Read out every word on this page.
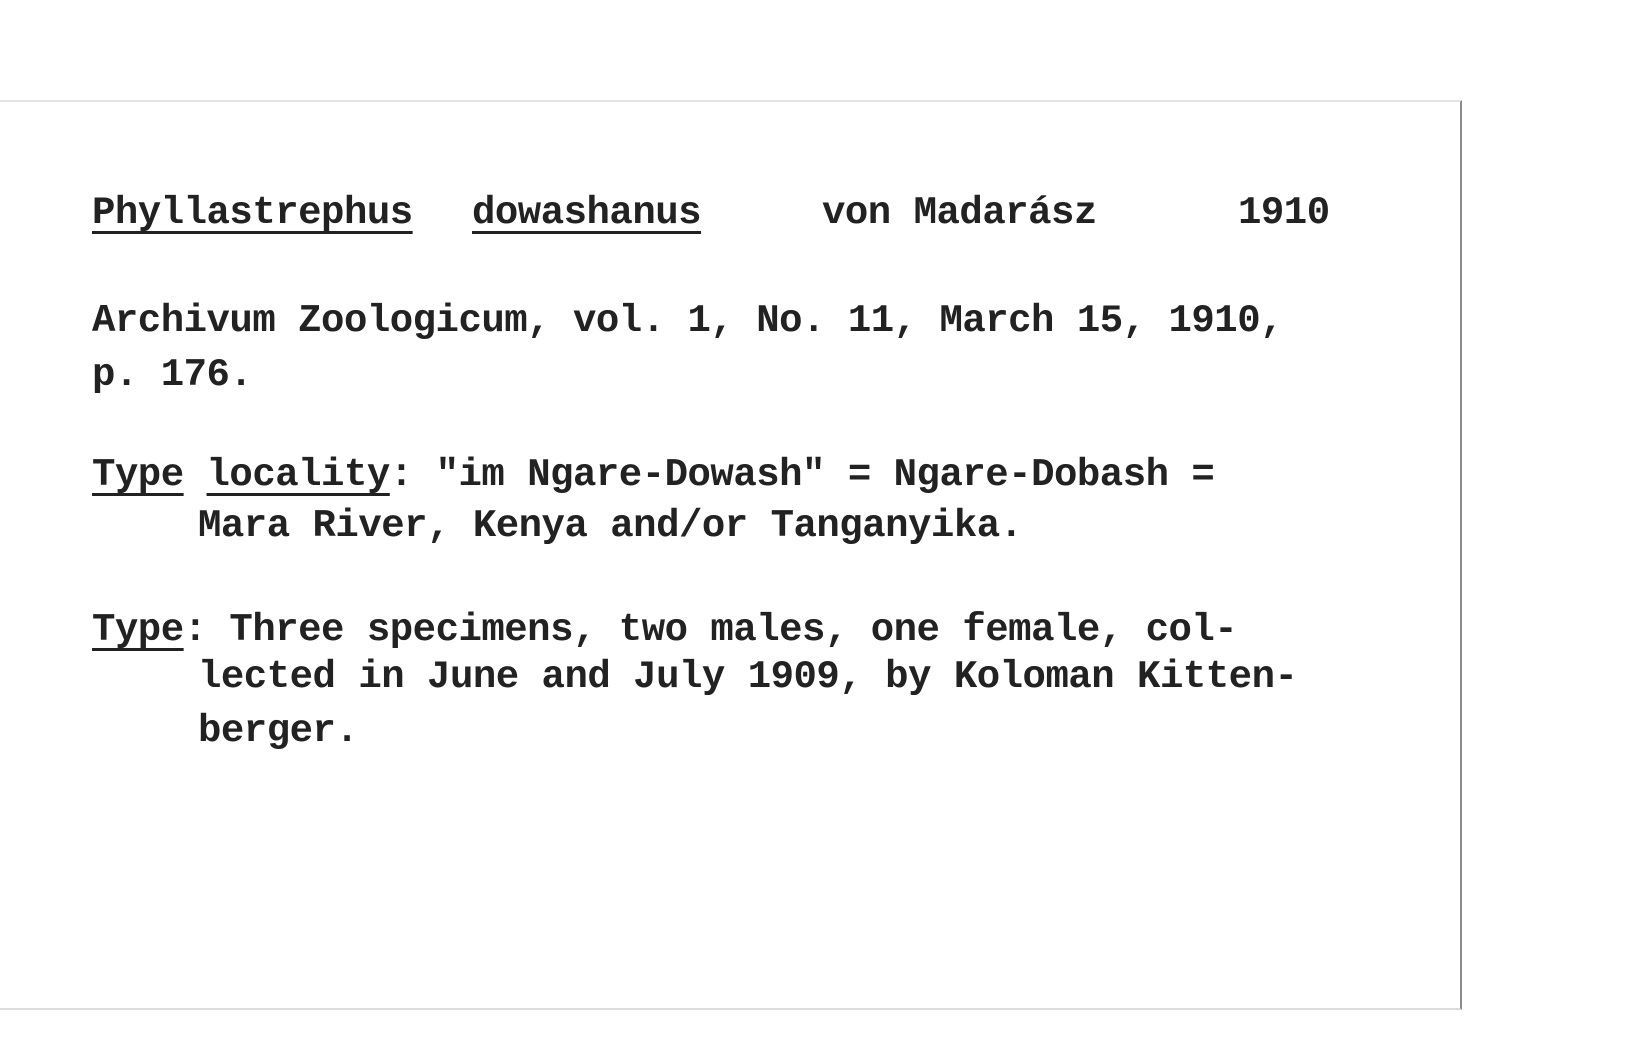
Phyllastrephus dowashanus	von Madarász	1910
Archivum Zoologicum, vol. 1, No. 11, March 15, 1910,
p. 176.
Type locality: "im Ngare-Dowash" = Ngare-Dobash =
Mara River, Kenya and/or Tanganyika.
Type: Three specimens, two males, one female, col-
lected in June and July 1909, by Koloman Kitten-
berger.
